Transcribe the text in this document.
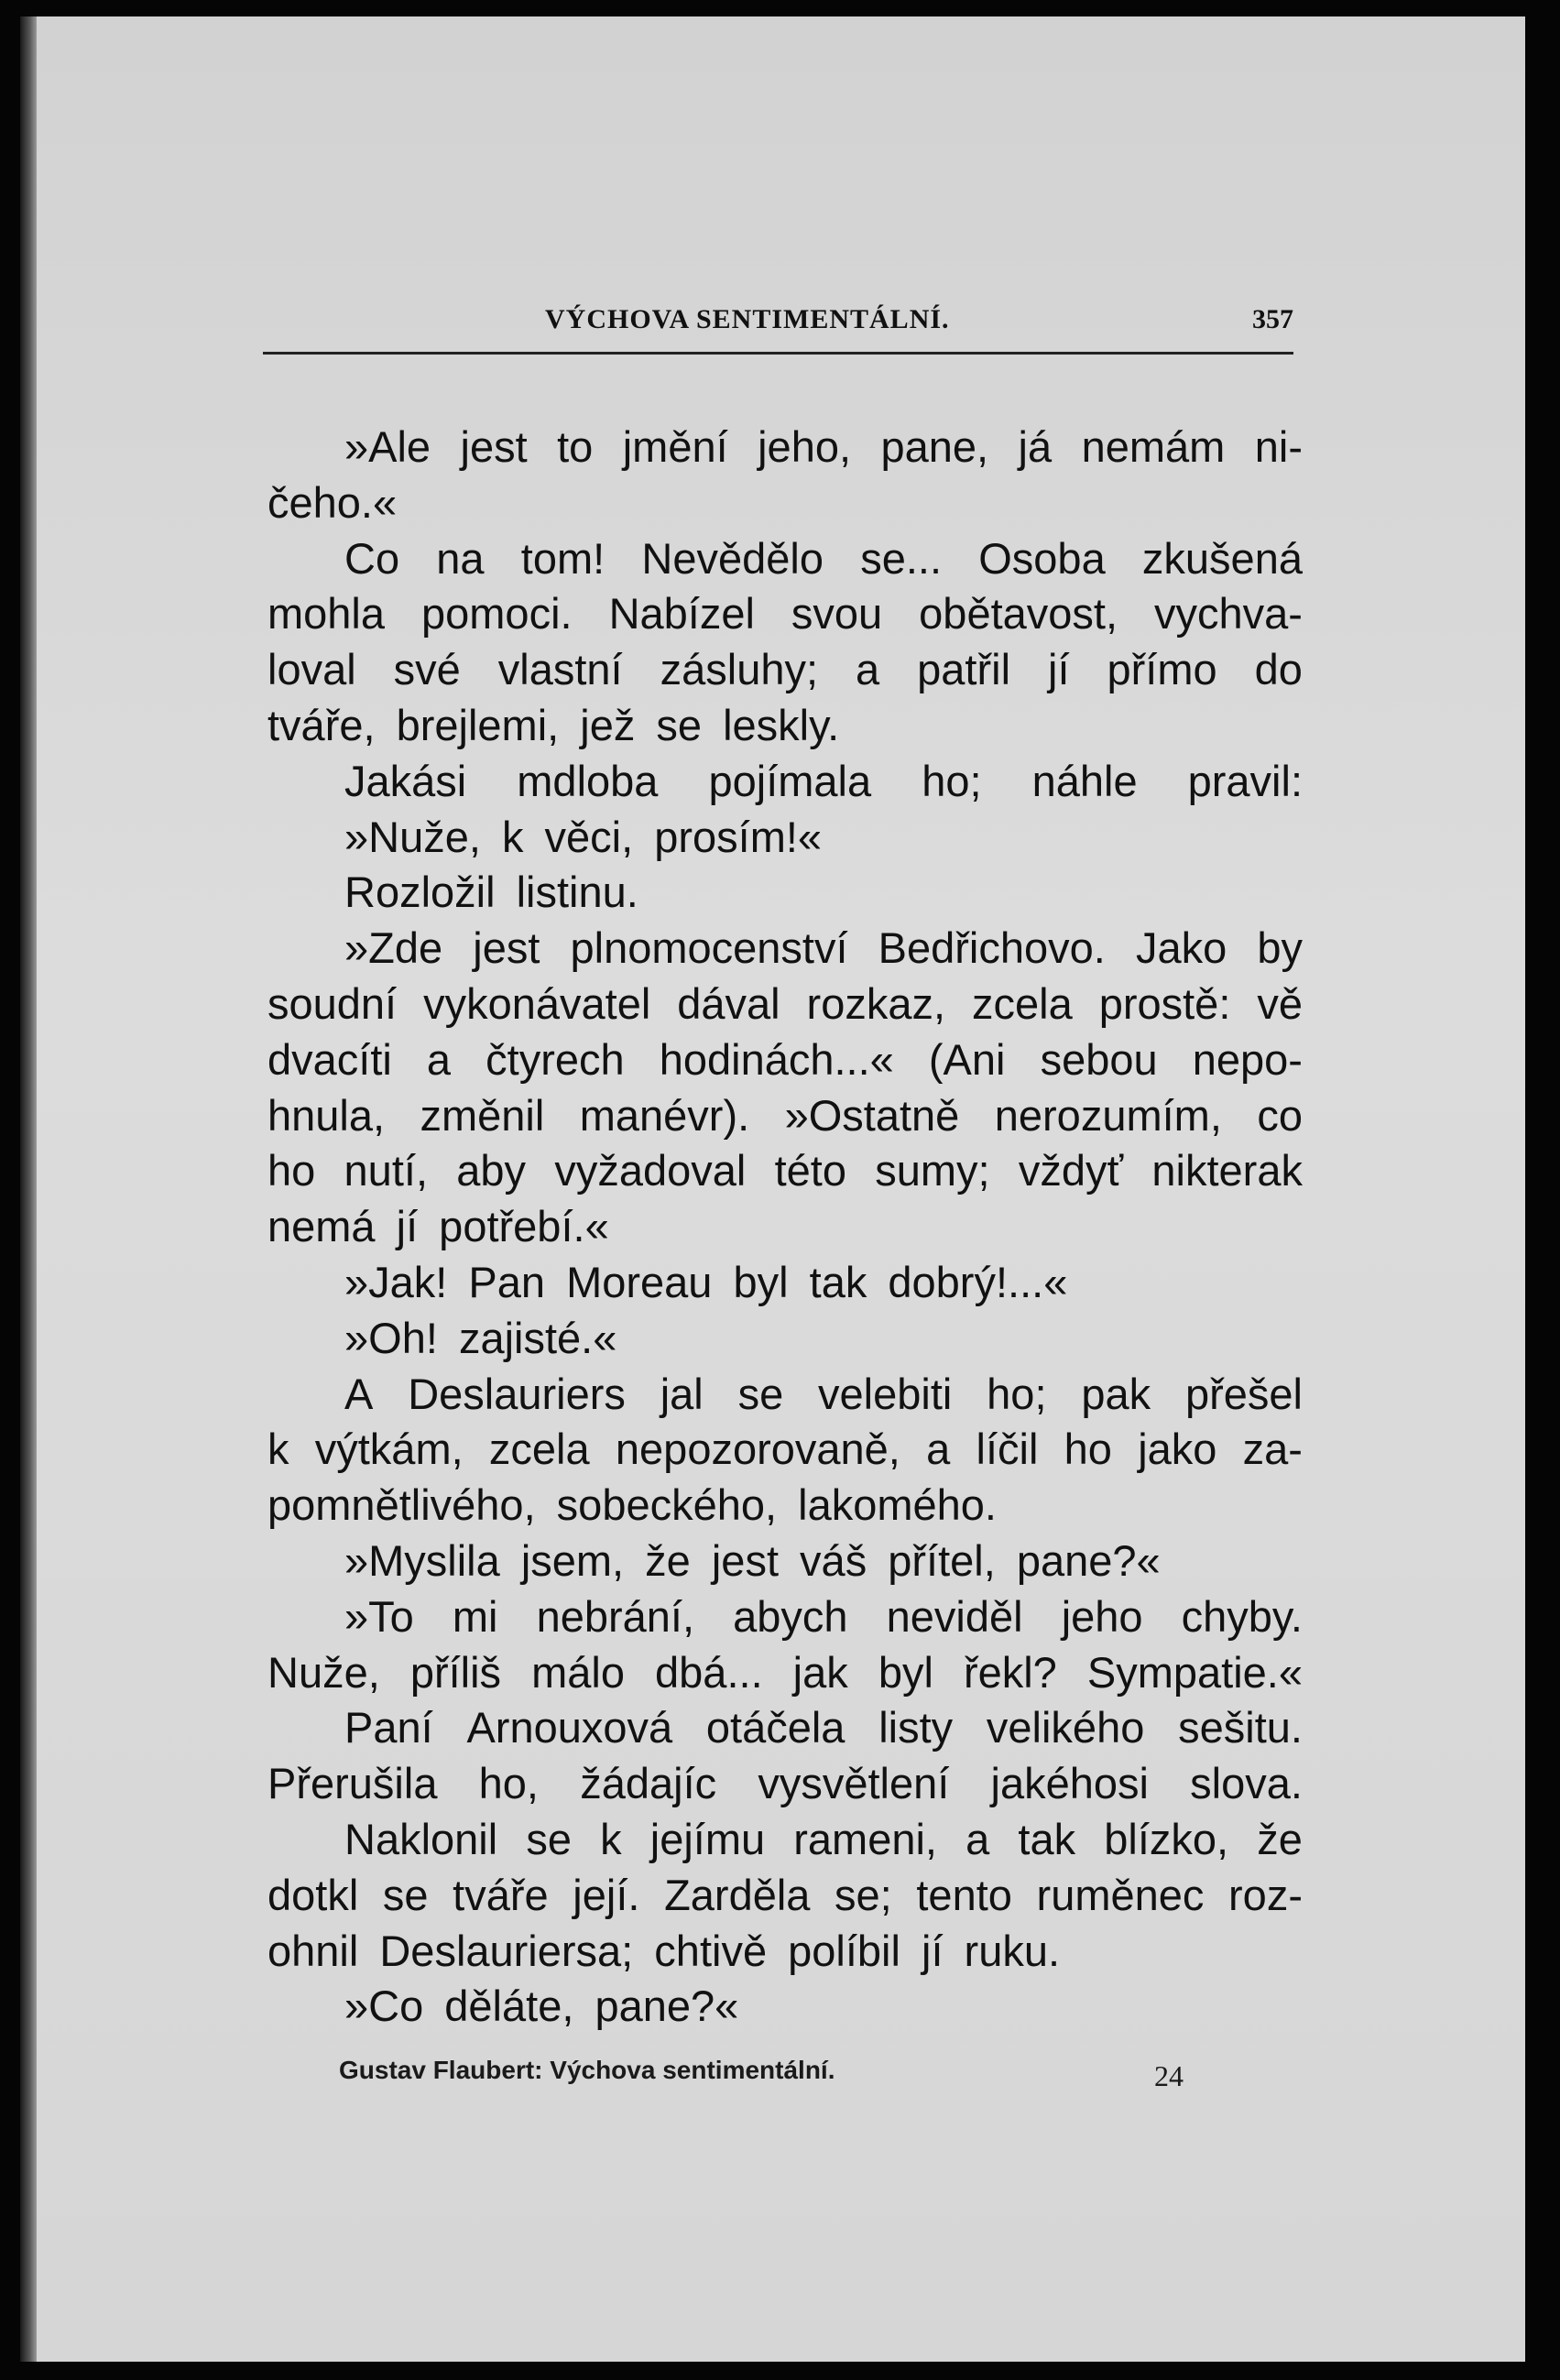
VÝCHOVA SENTIMENTÁLNÍ.	357
»Ale jest to jmění jeho, pane, já nemám ni-
čeho.«
Co na tom! Nevědělo se... Osoba zkušená
mohla pomoci. Nabízel svou obětavost, vychva-
loval své vlastní zásluhy; a patřil jí přímo do
tváře, brejlemi, jež se leskly.
Jakási mdloba pojímala ho; náhle pravil:
»Nuže, k věci, prosím!«
Rozložil listinu.
»Zde jest plnomocenství Bedřichovo. Jako by
soudní vykonávatel dával rozkaz, zcela prostě: vě
dvacíti a čtyrech hodinách...« (Ani sebou nepo-
hnula, změnil manévr). »Ostatně nerozumím, co
ho nutí, aby vyžadoval této sumy; vždyť nikterak
nemá jí potřebí.«
»Jak! Pan Moreau byl tak dobrý!...«
»Oh! zajisté.«
A Deslauriers jal se velebiti ho; pak přešel
k výtkám, zcela nepozorovaně, a líčil ho jako za-
pomnětlivého, sobeckého, lakomého.
»Myslila jsem, že jest váš přítel, pane?«
»To mi nebrání, abych neviděl jeho chyby.
Nuže, příliš málo dbá... jak byl řekl? Sympatie.«
Paní Arnouxová otáčela listy velikého sešitu.
Přerušila ho, žádajíc vysvětlení jakéhosi slova.
Naklonil se k jejímu rameni, a tak blízko, že
dotkl se tváře její. Zarděla se; tento ruměnec roz-
ohnil Deslauriersa; chtivě políbil jí ruku.
»Co děláte, pane?«
Gustav Flaubert: Výchova sentimentální.	24
